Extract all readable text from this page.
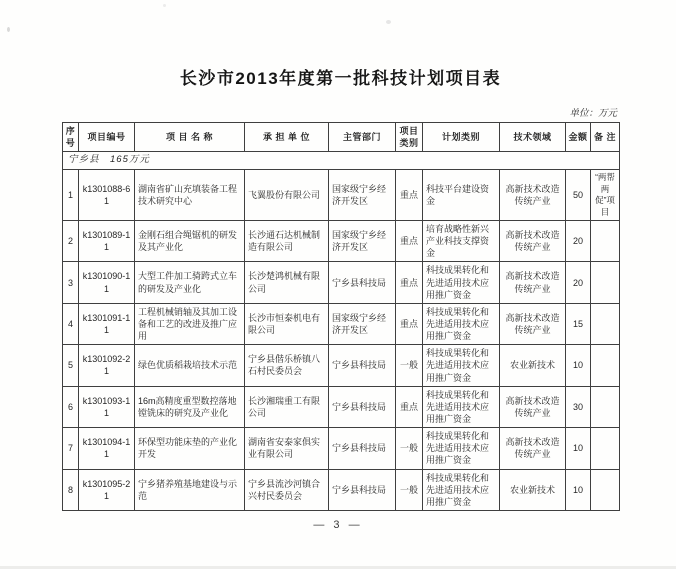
长沙市2013年度第一批科技计划项目表
单位：万元
序号	项目编号	项 目 名 称	承 担 单 位	主管部门	项目类别	计划类别	技术领域	金额	备 注
宁乡县　165万元									
1	k1301088-61	湖南省矿山充填装备工程技术研究中心	飞翼股份有限公司	国家级宁乡经济开发区	重点	科技平台建设资金	高新技术改造传统产业	50	“两帮两促”项目
2	k1301089-11	金刚石组合绳锯机的研发及其产业化	长沙通石达机械制造有限公司	国家级宁乡经济开发区	重点	培育战略性新兴产业科技支撑资金	高新技术改造传统产业	20	
3	k1301090-11	大型工件加工骑跨式立车的研发及产业化	长沙楚鸿机械有限公司	宁乡县科技局	重点	科技成果转化和先进适用技术应用推广资金	高新技术改造传统产业	20	
4	k1301091-11	工程机械销轴及其加工设备和工艺的改进及推广应用	长沙市恒泰机电有限公司	国家级宁乡经济开发区	重点	科技成果转化和先进适用技术应用推广资金	高新技术改造传统产业	15	
5	k1301092-21	绿色优质稻栽培技术示范	宁乡县偕乐桥镇八石村民委员会	宁乡县科技局	一般	科技成果转化和先进适用技术应用推广资金	农业新技术	10	
6	k1301093-11	16m高精度重型数控落地镗铣床的研究及产业化	长沙湘瑞重工有限公司	宁乡县科技局	重点	科技成果转化和先进适用技术应用推广资金	高新技术改造传统产业	30	
7	k1301094-11	环保型功能床垫的产业化开发	湖南省安泰家俱实业有限公司	宁乡县科技局	一般	科技成果转化和先进适用技术应用推广资金	高新技术改造传统产业	10	
8	k1301095-21	宁乡猪养殖基地建设与示范	宁乡县流沙河镇合兴村民委员会	宁乡县科技局	一般	科技成果转化和先进适用技术应用推广资金	农业新技术	10	
— 3 —
